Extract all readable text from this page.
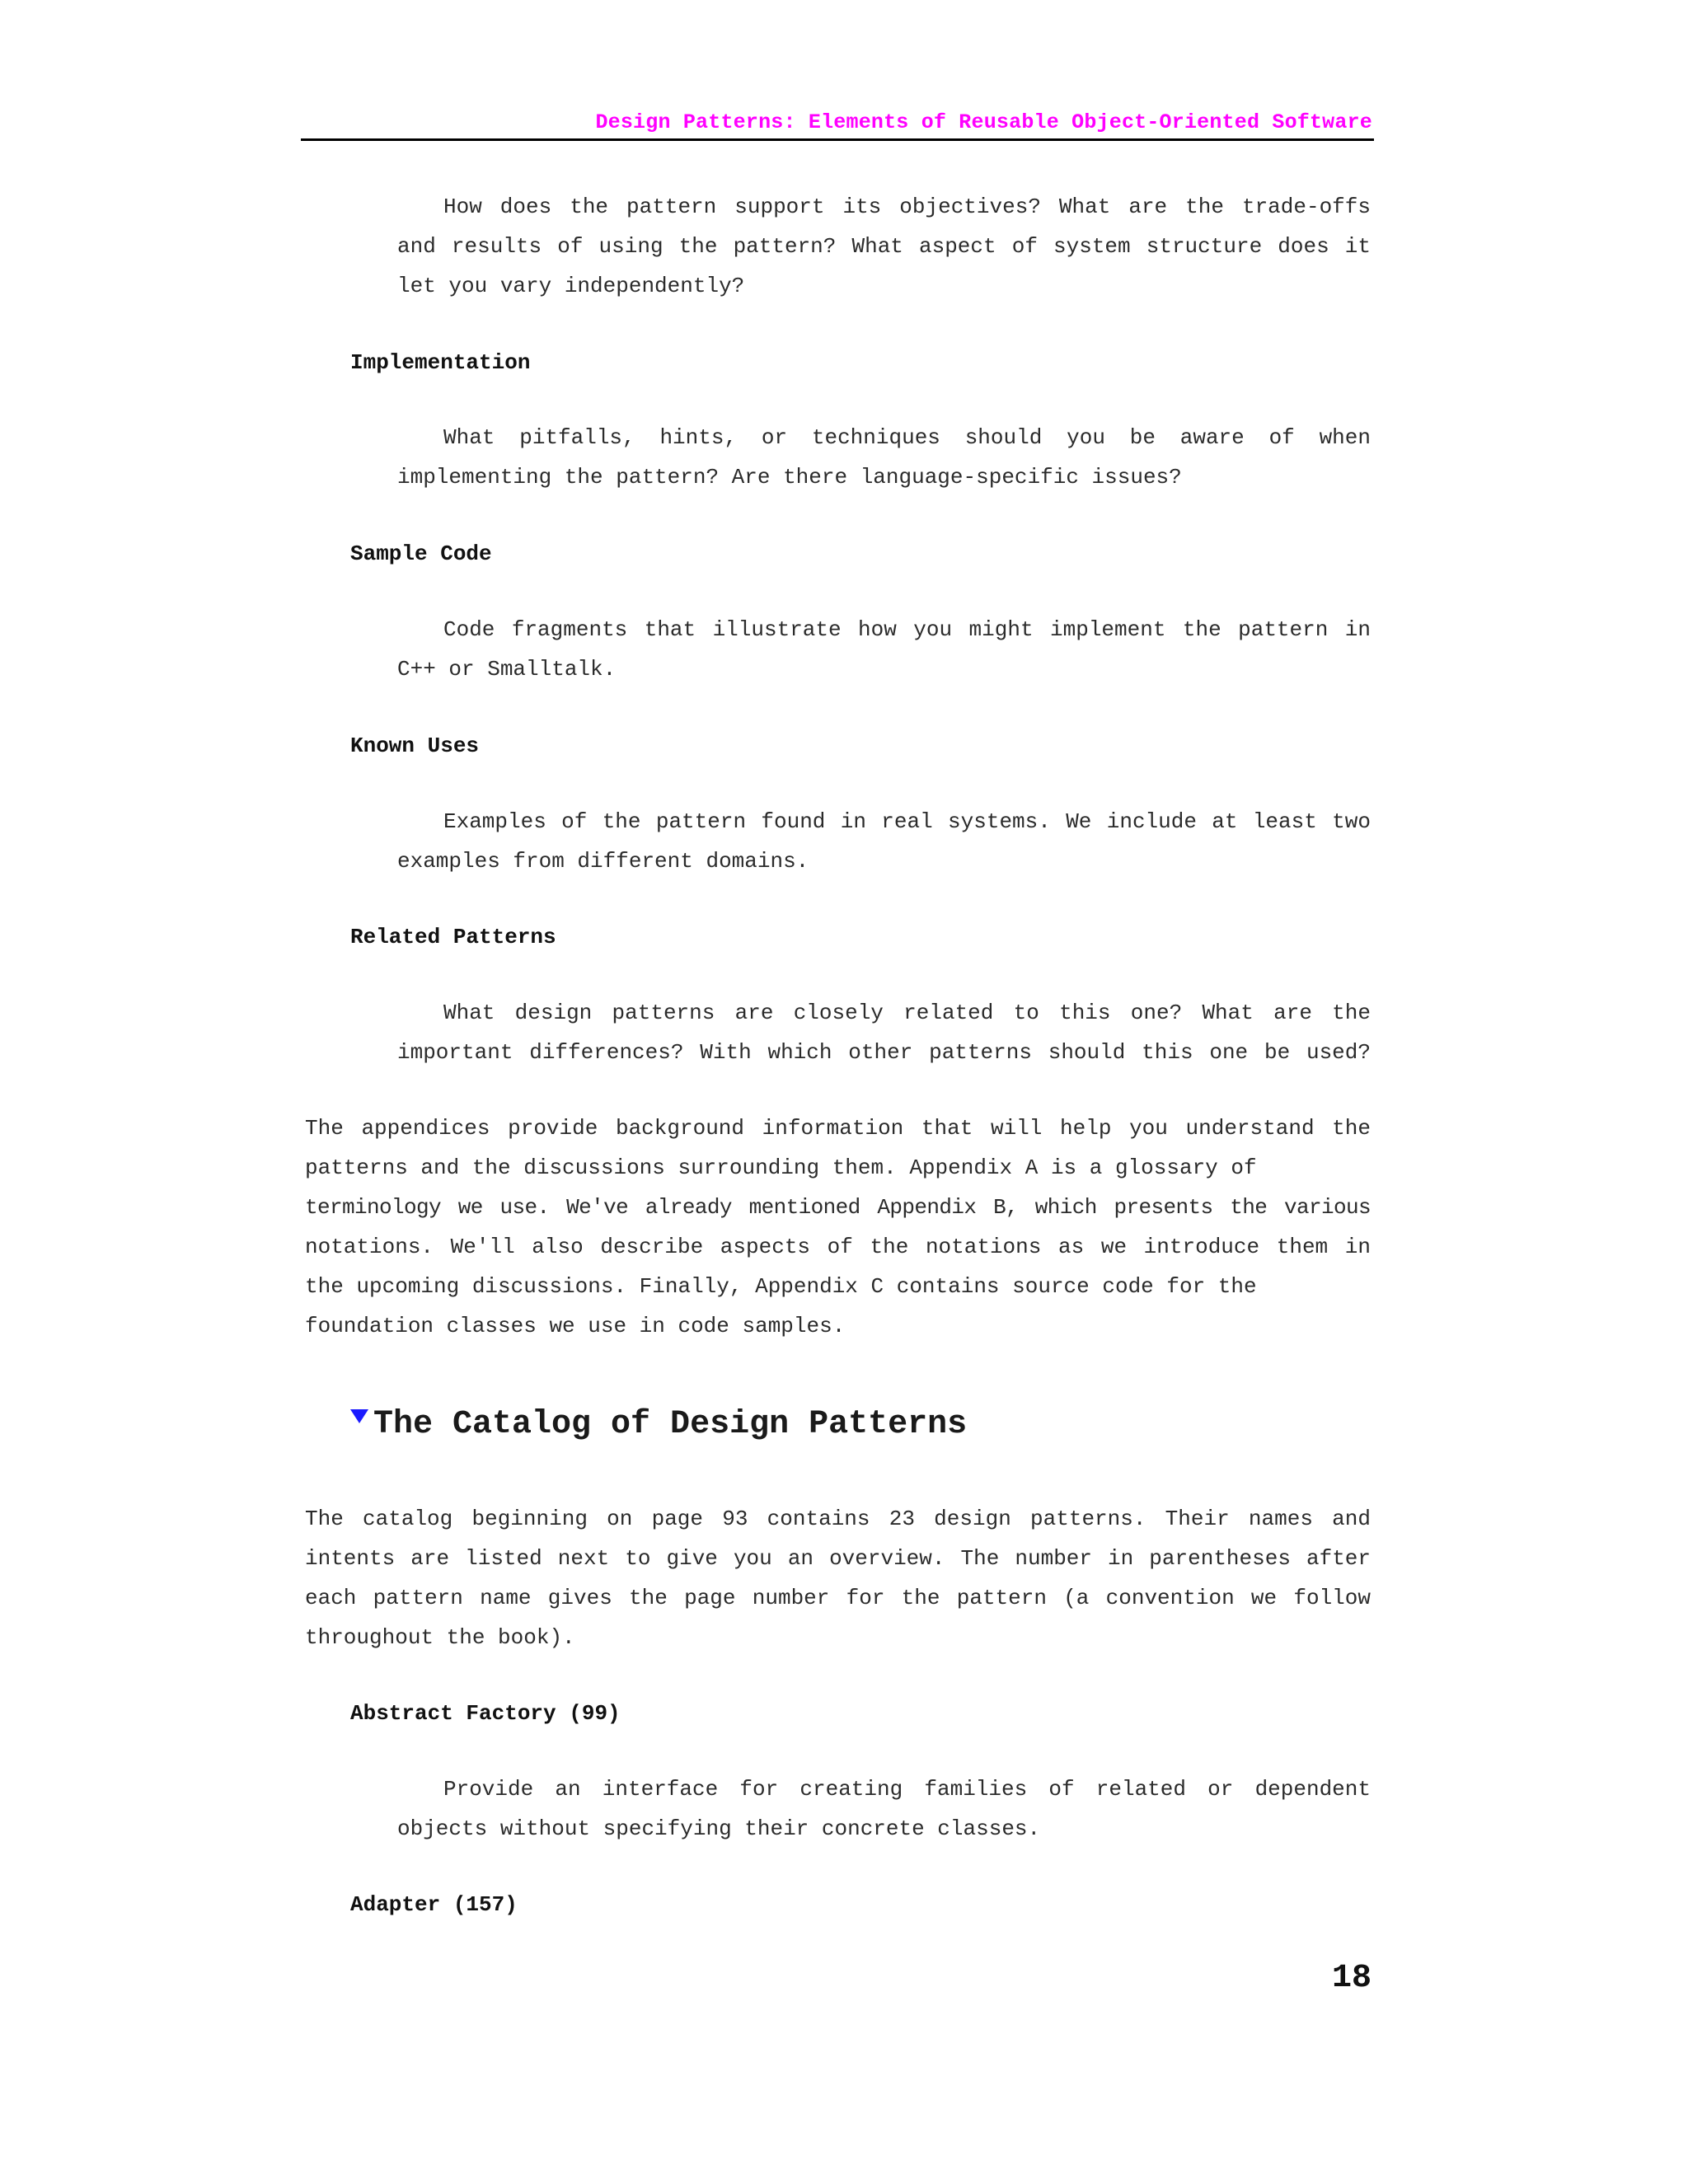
Design Patterns: Elements of Reusable Object-Oriented Software
How does the pattern support its objectives? What are the trade-offs
and results of using the pattern? What aspect of system structure does it
let you vary independently?
Implementation
What pitfalls, hints, or techniques should you be aware of when
implementing the pattern? Are there language-specific issues?
Sample Code
Code fragments that illustrate how you might implement the pattern in
C++ or Smalltalk.
Known Uses
Examples of the pattern found in real systems. We include at least two
examples from different domains.
Related Patterns
What design patterns are closely related to this one? What are the
important differences? With which other patterns should this one be used?
The appendices provide background information that will help you understand the
patterns and the discussions surrounding them. Appendix A is a glossary of
terminology we use. We've already mentioned Appendix B, which presents the various
notations. We'll also describe aspects of the notations as we introduce them in
the upcoming discussions. Finally, Appendix C contains source code for the
foundation classes we use in code samples.
The Catalog of Design Patterns
The catalog beginning on page 93 contains 23 design patterns. Their names and
intents are listed next to give you an overview. The number in parentheses after
each pattern name gives the page number for the pattern (a convention we follow
throughout the book).
Abstract Factory (99)
Provide an interface for creating families of related or dependent
objects without specifying their concrete classes.
Adapter (157)
18
